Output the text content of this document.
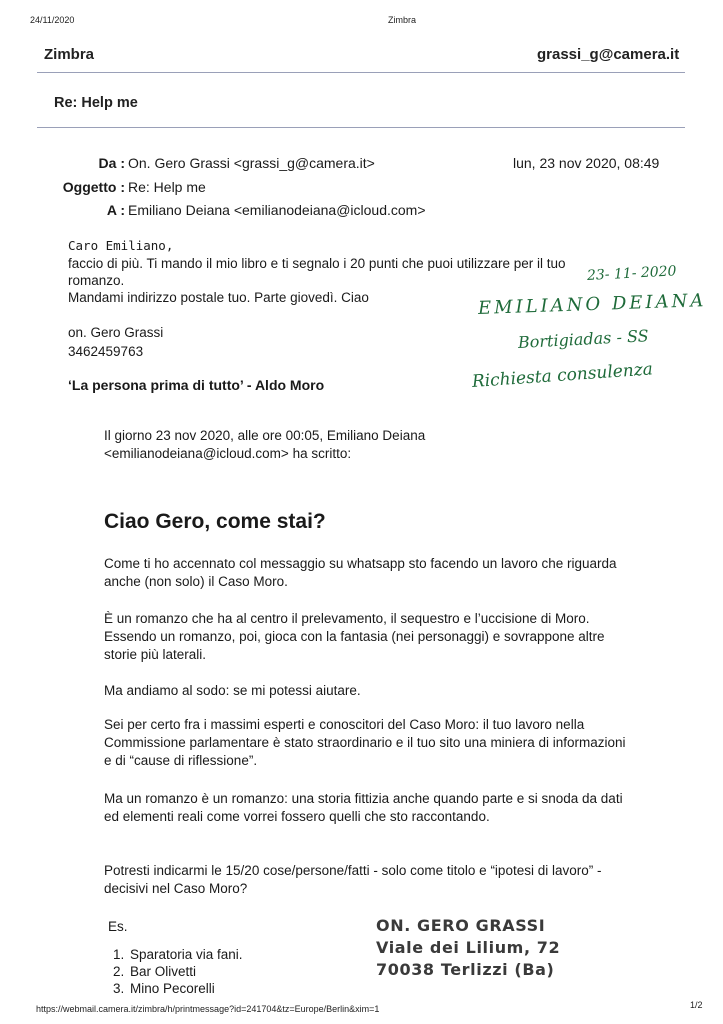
24/11/2020	Zimbra
Zimbra	grassi_g@camera.it
Re: Help me
Da : On. Gero Grassi <grassi_g@camera.it>	lun, 23 nov 2020, 08:49
Oggetto : Re: Help me
A : Emiliano Deiana <emilianodeiana@icloud.com>
Caro Emiliano,
faccio di più. Ti mando il mio libro e ti segnalo i 20 punti che puoi utilizzare per il tuo
romanzo.
Mandami indirizzo postale tuo. Parte giovedì. Ciao
on. Gero Grassi
3462459763
‘La persona prima di tutto’ - Aldo Moro
23- 11- 2020
EMILIANO DEIANA
Bortigiadas - SS
Richiesta consulenza
Il giorno 23 nov 2020, alle ore 00:05, Emiliano Deiana
<emilianodeiana@icloud.com> ha scritto:
Ciao Gero, come stai?
Come ti ho accennato col messaggio su whatsapp sto facendo un lavoro che riguarda anche (non solo) il Caso Moro.
È un romanzo che ha al centro il prelevamento, il sequestro e l’uccisione di Moro. Essendo un romanzo, poi, gioca con la fantasia (nei personaggi) e sovrappone altre storie più laterali.
Ma andiamo al sodo: se mi potessi aiutare.
Sei per certo fra i massimi esperti e conoscitori del Caso Moro: il tuo lavoro nella Commissione parlamentare è stato straordinario e il tuo sito una miniera di informazioni e di “cause di riflessione”.
Ma un romanzo è un romanzo: una storia fittizia anche quando parte e si snoda da dati ed elementi reali come vorrei fossero quelli che sto raccontando.
Potresti indicarmi le 15/20 cose/persone/fatti - solo come titolo e “ipotesi di lavoro” - decisivi nel Caso Moro?
Es.
1. Sparatoria via fani.
2. Bar Olivetti
3. Mino Pecorelli
ON. GERO GRASSI
Viale dei Lilium, 72
70038 Terlizzi (Ba)
https://webmail.camera.it/zimbra/h/printmessage?id=241704&tz=Europe/Berlin&xim=1	1/2
